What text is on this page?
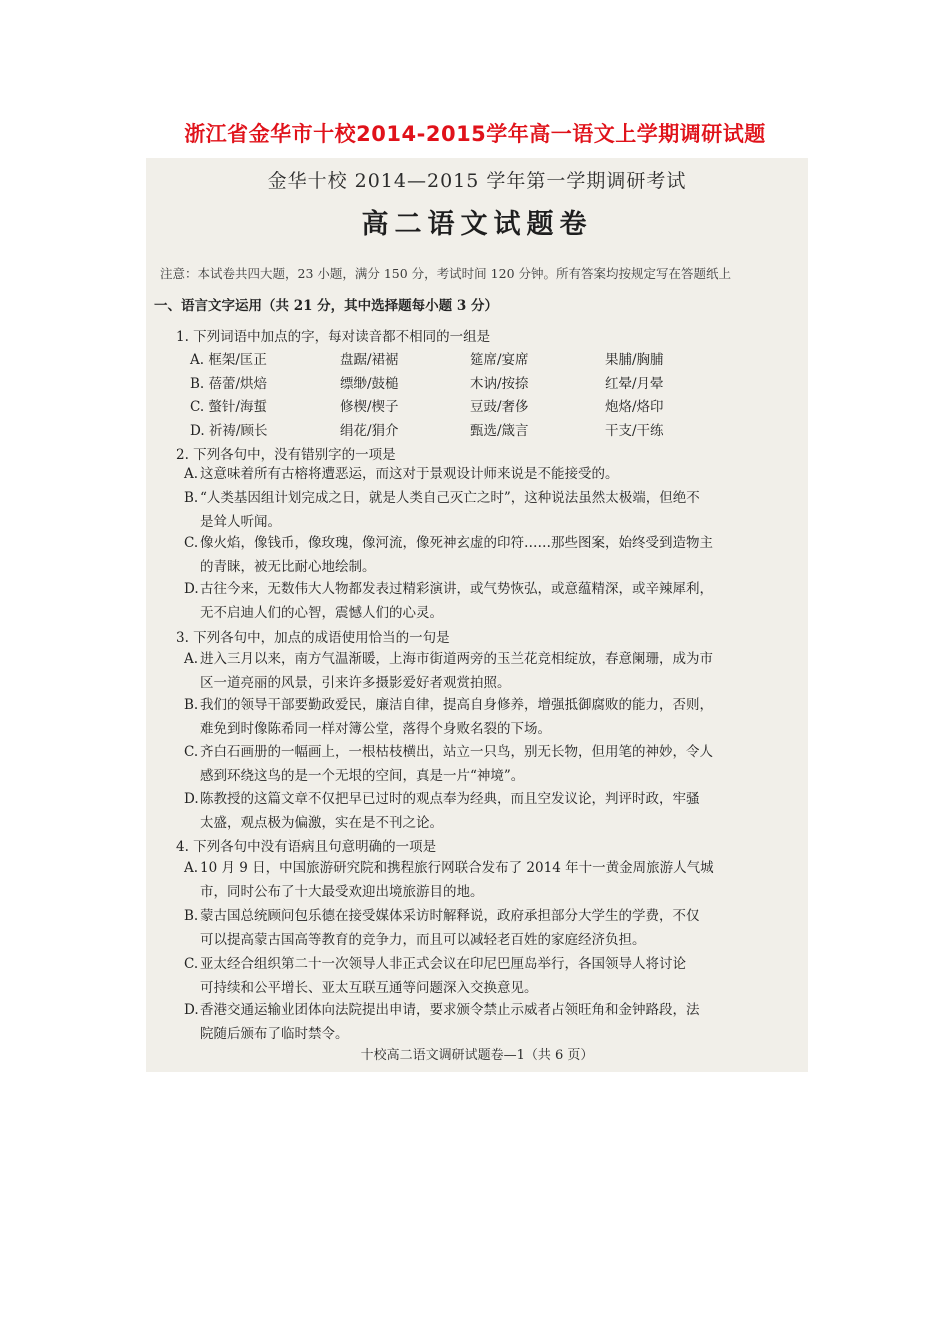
浙江省金华市十校2014-2015学年高一语文上学期调研试题
金华十校 2014—2015 学年第一学期调研考试
高二语文试题卷
注意：本试卷共四大题，23 小题，满分 150 分，考试时间 120 分钟。所有答案均按规定写在答题纸上
一、语言文字运用（共 21 分，其中选择题每小题 3 分）
1. 下列词语中加点的字，每对读音都不相同的一组是
A. 框架/匡正	盘踞/裙裾	筵席/宴席	果脯/胸脯
B. 蓓蕾/烘焙	缥缈/鼓槌	木讷/按捺	红晕/月晕
C. 螫针/海蜇	修楔/楔子	豆豉/奢侈	炮烙/烙印
D. 祈祷/顾长	绢花/狷介	甄选/箴言	干支/干练
2. 下列各句中，没有错别字的一项是
A. 这意味着所有古榕将遭恶运，而这对于景观设计师来说是不能接受的。
B. “人类基因组计划完成之日，就是人类自己灭亡之时”，这种说法虽然太极端，但绝不
是耸人听闻。
C. 像火焰，像钱币，像玫瑰，像河流，像死神玄虚的印符……那些图案，始终受到造物主
的青睐，被无比耐心地绘制。
D. 古往今来，无数伟大人物都发表过精彩演讲，或气势恢弘，或意蕴精深，或辛辣犀利，
无不启迪人们的心智，震憾人们的心灵。
3. 下列各句中，加点的成语使用恰当的一句是
A. 进入三月以来，南方气温渐暖，上海市街道两旁的玉兰花竞相绽放，春意阑珊，成为市
区一道亮丽的风景，引来许多摄影爱好者观赏拍照。
B. 我们的领导干部要勤政爱民，廉洁自律，提高自身修养，增强抵御腐败的能力，否则，
难免到时像陈希同一样对簿公堂，落得个身败名裂的下场。
C. 齐白石画册的一幅画上，一根枯枝横出，站立一只鸟，别无长物，但用笔的神妙，令人
感到环绕这鸟的是一个无垠的空间，真是一片“神境”。
D. 陈教授的这篇文章不仅把早已过时的观点奉为经典，而且空发议论，判评时政，牢骚
太盛，观点极为偏激，实在是不刊之论。
4. 下列各句中没有语病且句意明确的一项是
A. 10 月 9 日，中国旅游研究院和携程旅行网联合发布了 2014 年十一黄金周旅游人气城
市，同时公布了十大最受欢迎出境旅游目的地。
B. 蒙古国总统顾问包乐德在接受媒体采访时解释说，政府承担部分大学生的学费，不仅
可以提高蒙古国高等教育的竞争力，而且可以减轻老百姓的家庭经济负担。
C. 亚太经合组织第二十一次领导人非正式会议在印尼巴厘岛举行，各国领导人将讨论
可持续和公平增长、亚太互联互通等问题深入交换意见。
D. 香港交通运输业团体向法院提出申请，要求颁令禁止示威者占领旺角和金钟路段，法
院随后颁布了临时禁令。
十校高二语文调研试题卷—1（共 6 页）
